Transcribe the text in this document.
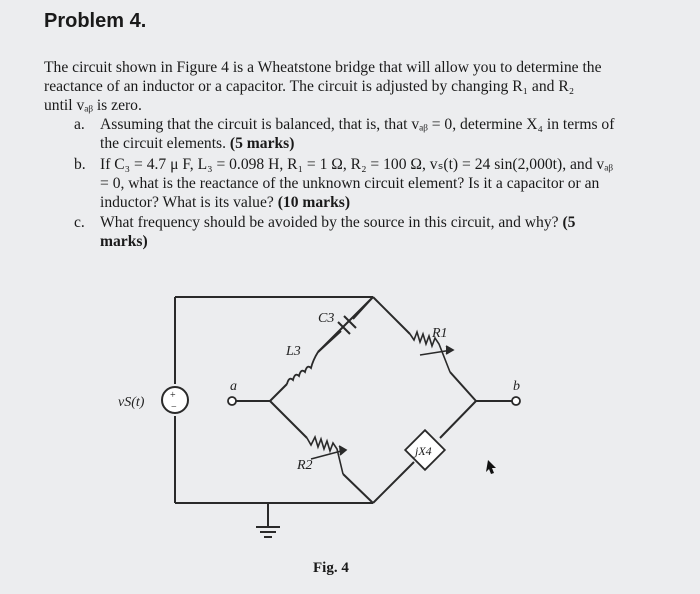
Problem 4.
The circuit shown in Figure 4 is a Wheatstone bridge that will allow you to determine the
reactance of an inductor or a capacitor. The circuit is adjusted by changing R₁ and R₂
until vₐᵦ is zero.
a. Assuming that the circuit is balanced, that is, that vₐᵦ = 0, determine X₄ in terms of
the circuit elements. (5 marks)
b. If C₃ = 4.7 μ F, L₃ = 0.098 H, R₁ = 1 Ω, R₂ = 100 Ω, vₛ(t) = 24 sin(2,000t), and vₐᵦ
= 0, what is the reactance of the unknown circuit element? Is it a capacitor or an
inductor? What is its value? (10 marks)
c. What frequency should be avoided by the source in this circuit, and why? (5
marks)
+
−
vS(t)
a	b
C3
L3
R1
R2
jX4
Fig. 4
